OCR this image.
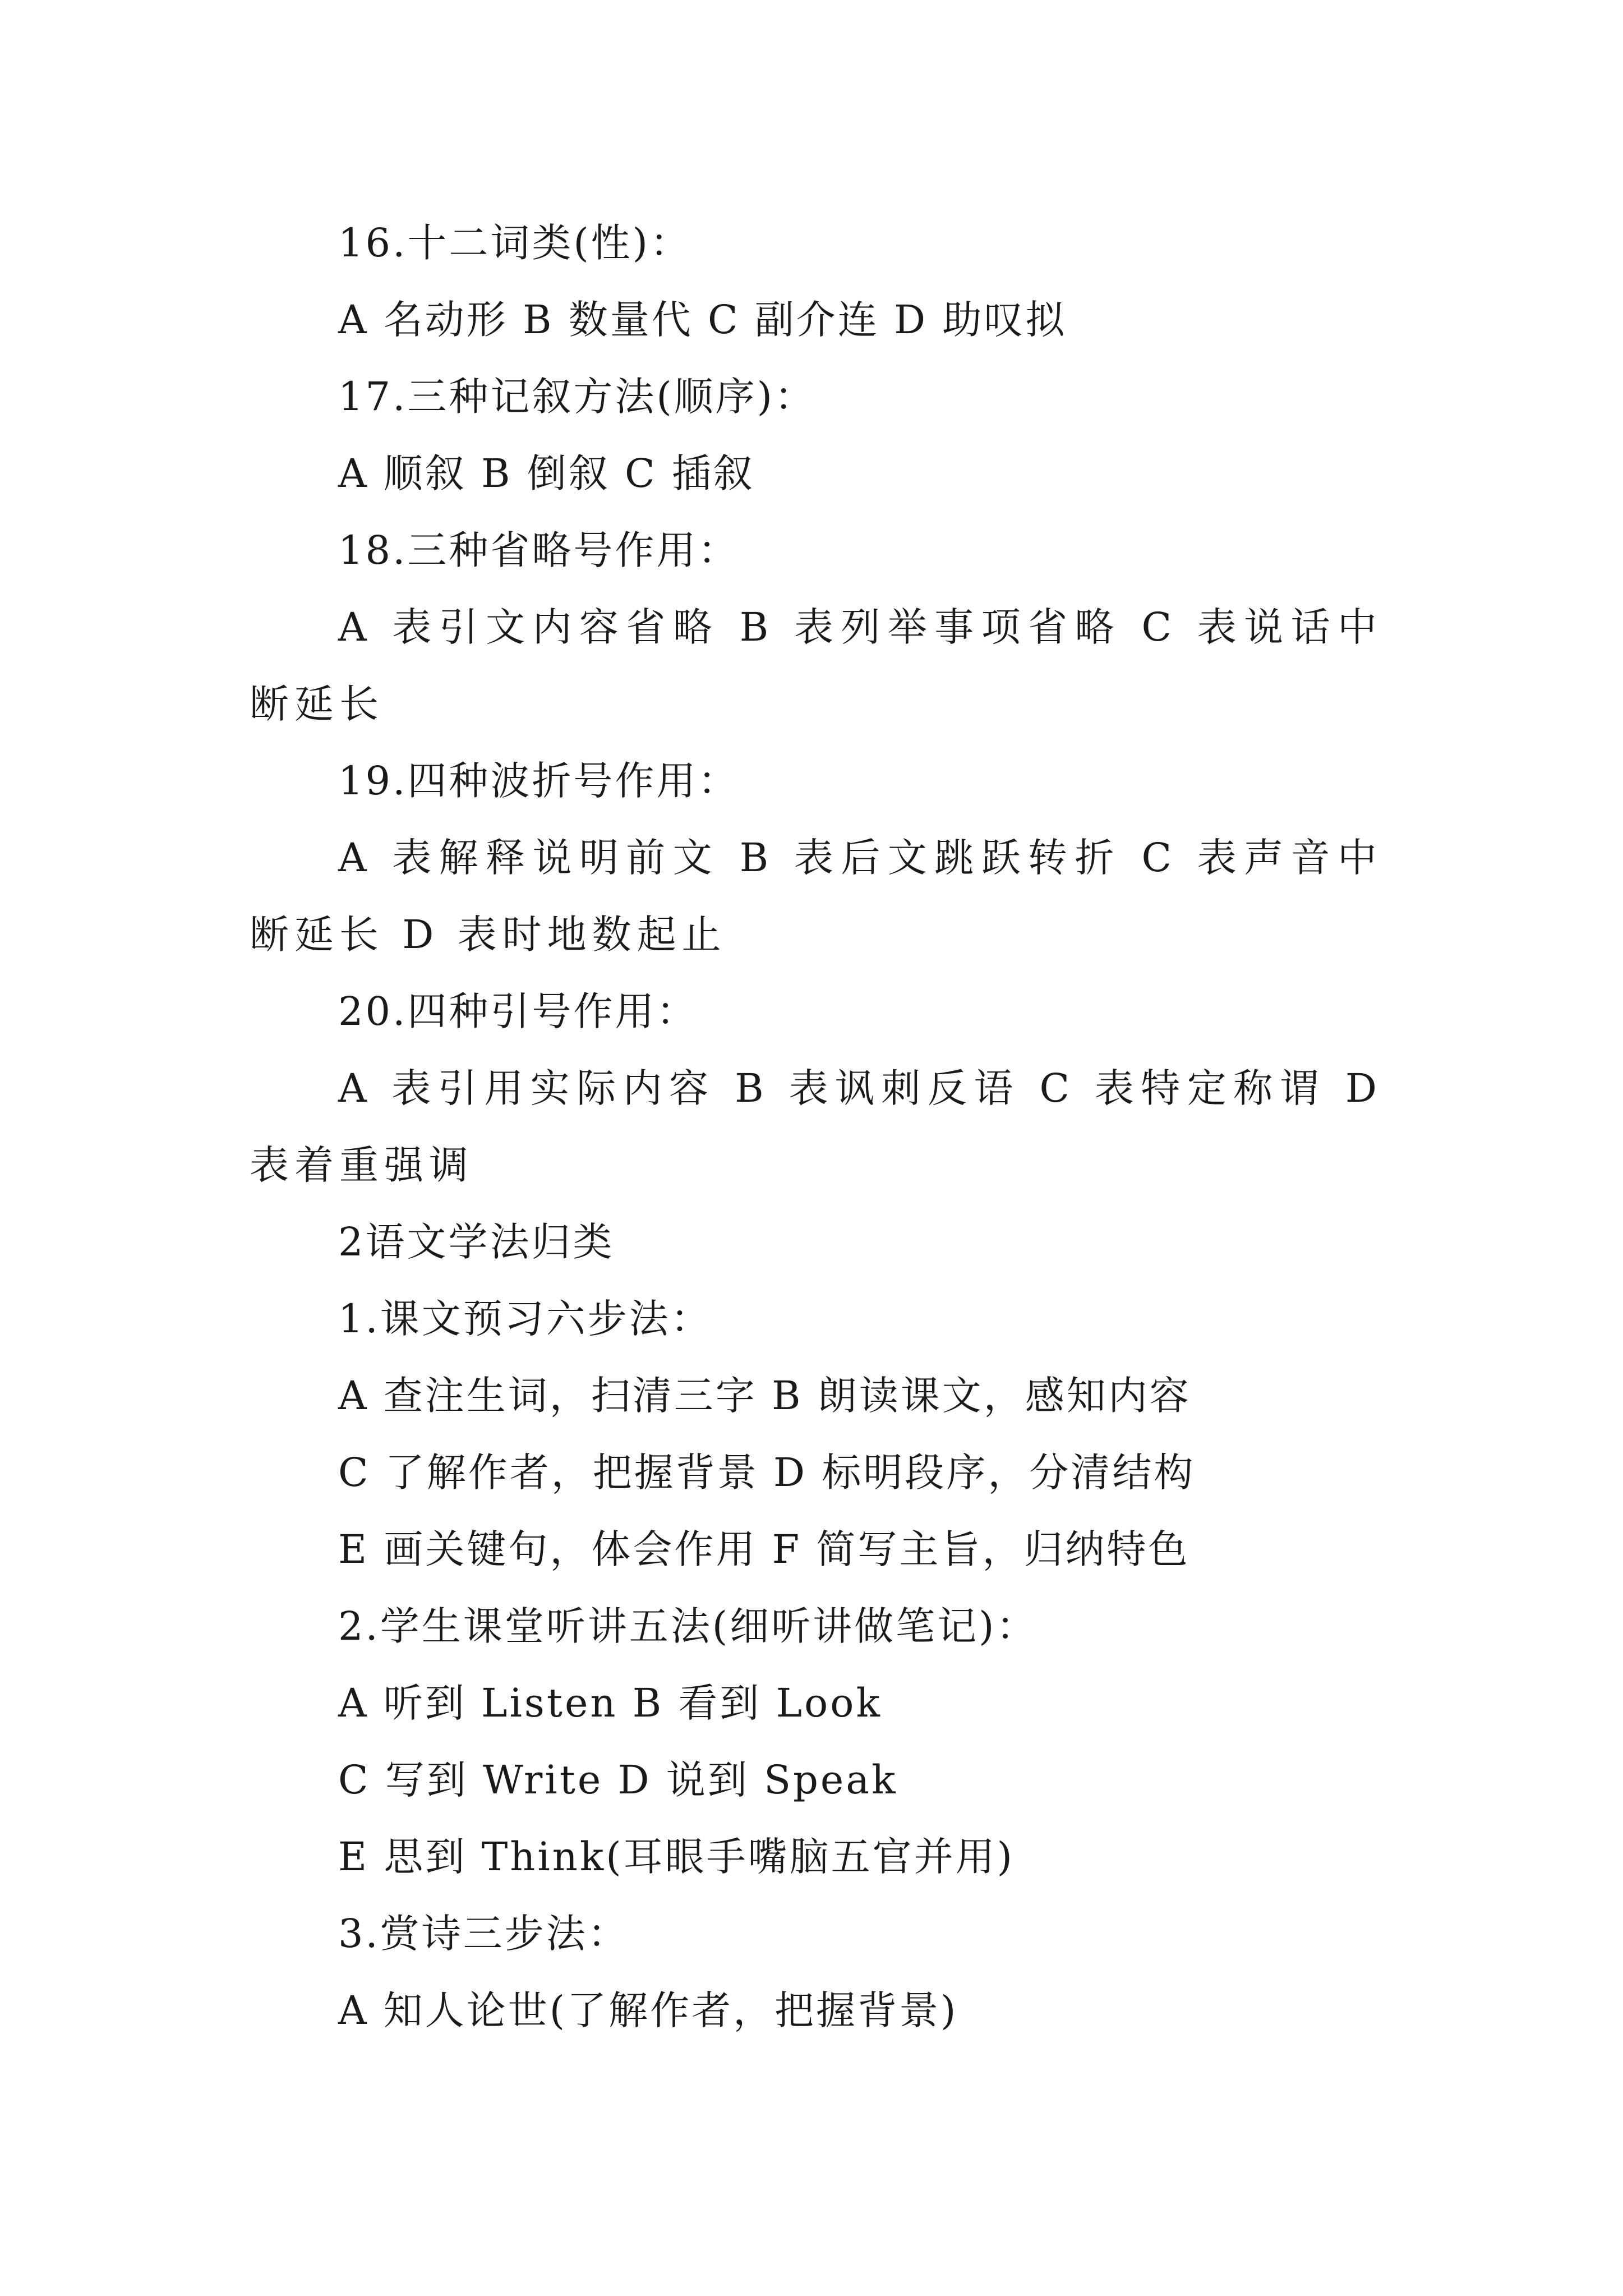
16.十二词类(性)：

A 名动形 B 数量代 C 副介连 D 助叹拟

17.三种记叙方法(顺序)：

A 顺叙 B 倒叙 C 插叙

18.三种省略号作用：

A 表引文内容省略 B 表列举事项省略 C 表说话中断延长

19.四种波折号作用：

A 表解释说明前文 B 表后文跳跃转折 C 表声音中断延长 D 表时地数起止

20.四种引号作用：

A 表引用实际内容 B 表讽刺反语 C 表特定称谓 D 表着重强调

2语文学法归类

1.课文预习六步法：

A 查注生词，扫清三字 B 朗读课文，感知内容

C 了解作者，把握背景 D 标明段序，分清结构

E 画关键句，体会作用 F 简写主旨，归纳特色

2.学生课堂听讲五法(细听讲做笔记)：

A 听到 Listen B 看到 Look

C 写到 Write D 说到 Speak

E 思到 Think(耳眼手嘴脑五官并用)

3.赏诗三步法：

A 知人论世(了解作者，把握背景)
